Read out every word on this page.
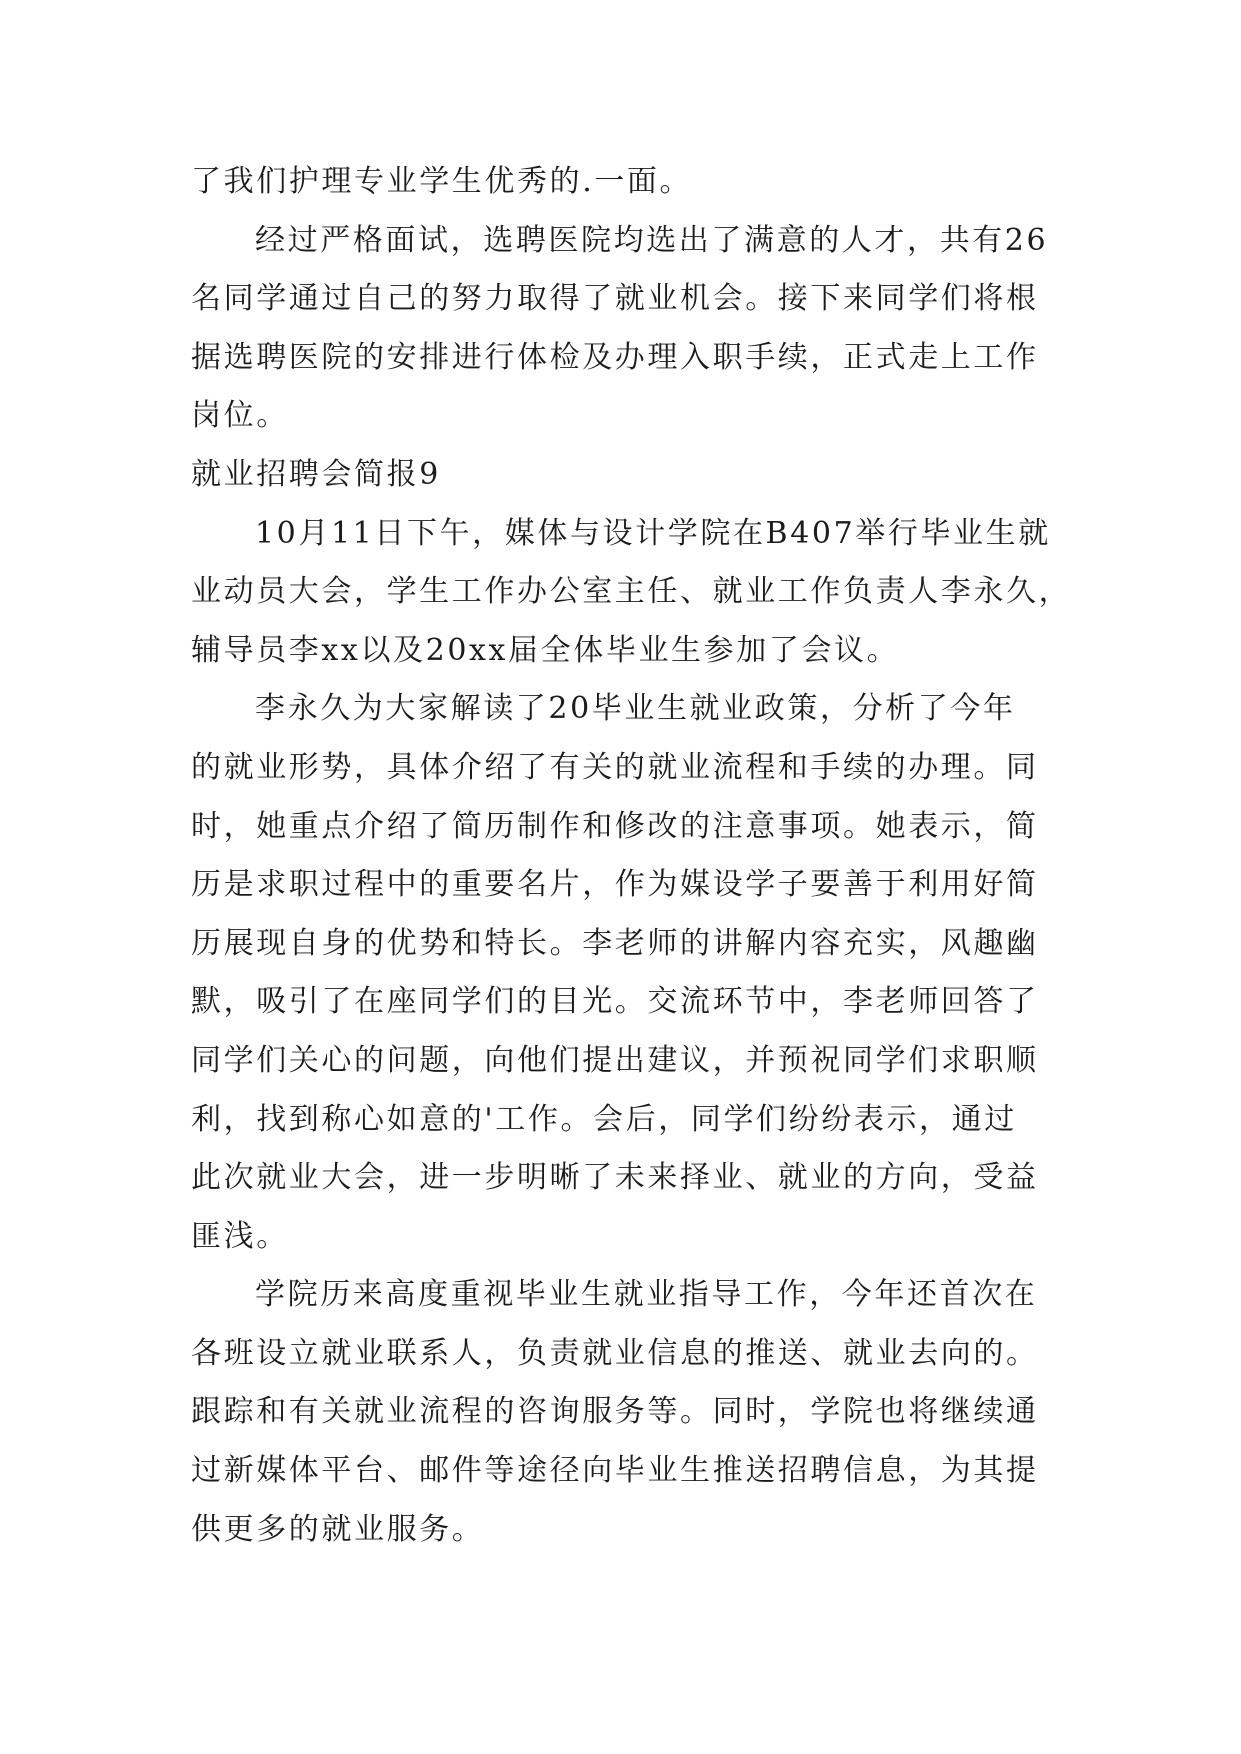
了我们护理专业学生优秀的.一面。
经过严格面试，选聘医院均选出了满意的人才，共有26
名同学通过自己的努力取得了就业机会。接下来同学们将根
据选聘医院的安排进行体检及办理入职手续，正式走上工作
岗位。
就业招聘会简报9
10月11日下午，媒体与设计学院在B407举行毕业生就
业动员大会，学生工作办公室主任、就业工作负责人李永久，
辅导员李xx以及20xx届全体毕业生参加了会议。
李永久为大家解读了20毕业生就业政策，分析了今年
的就业形势，具体介绍了有关的就业流程和手续的办理。同
时，她重点介绍了简历制作和修改的注意事项。她表示，简
历是求职过程中的重要名片，作为媒设学子要善于利用好简
历展现自身的优势和特长。李老师的讲解内容充实，风趣幽
默，吸引了在座同学们的目光。交流环节中，李老师回答了
同学们关心的问题，向他们提出建议，并预祝同学们求职顺
利，找到称心如意的'工作。会后，同学们纷纷表示，通过
此次就业大会，进一步明晰了未来择业、就业的方向，受益
匪浅。
学院历来高度重视毕业生就业指导工作，今年还首次在
各班设立就业联系人，负责就业信息的推送、就业去向的。
跟踪和有关就业流程的咨询服务等。同时，学院也将继续通
过新媒体平台、邮件等途径向毕业生推送招聘信息，为其提
供更多的就业服务。
